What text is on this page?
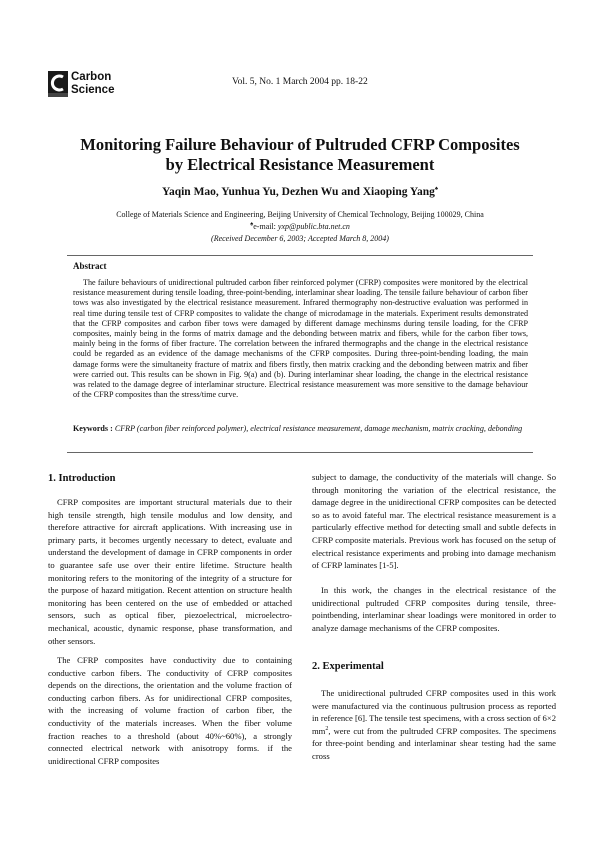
Carbon
Science
Vol. 5, No. 1 March 2004 pp. 18-22
Monitoring Failure Behaviour of Pultruded CFRP Composites
by Electrical Resistance Measurement
Yaqin Mao, Yunhua Yu, Dezhen Wu and Xiaoping Yang♠
College of Materials Science and Engineering, Beijing University of Chemical Technology, Beijing 100029, China
♠e-mail: yxp@public.bta.net.cn
(Received December 6, 2003; Accepted March 8, 2004)
Abstract
The failure behaviours of unidirectional pultruded carbon fiber reinforced polymer (CFRP) composites were monitored by the electrical resistance measurement during tensile loading, three-point-bending, interlaminar shear loading. The tensile failure behaviour of carbon fiber tows was also investigated by the electrical resistance measurement. Infrared thermography non-destructive evaluation was performed in real time during tensile test of CFRP composites to validate the change of microdamage in the materials. Experiment results demonstrated that the CFRP composites and carbon fiber tows were damaged by different damage mechinsms during tensile loading, for the CFRP composites, mainly being in the forms of matrix damage and the debonding between matrix and fibers, while for the carbon fiber tows, mainly being in the forms of fiber fracture. The correlation between the infrared thermographs and the change in the electrical resistance could be regarded as an evidence of the damage mechanisms of the CFRP composites. During three-point-bending loading, the main damage forms were the simultaneity fracture of matrix and fibers firstly, then matrix cracking and the debonding between matrix and fiber were carried out. This results can be shown in Fig. 9(a) and (b). During interlaminar shear loading, the change in the electrical resistance was related to the damage degree of interlaminar structure. Electrical resistance measurement was more sensitive to the damage behaviour of the CFRP composites than the stress/time curve.
Keywords : CFRP (carbon fiber reinforced polymer), electrical resistance measurement, damage mechanism, matrix cracking, debonding
1. Introduction
CFRP composites are important structural materials due to their high tensile strength, high tensile modulus and low density, and therefore attractive for aircraft applications. With increasing use in primary parts, it becomes urgently necessary to detect, evaluate and understand the development of damage in CFRP components in order to guarantee safe use over their entire lifetime. Structure health monitoring refers to the monitoring of the integrity of a structure for the purpose of hazard mitigation. Recent attention on structure health monitoring has been centered on the use of embedded or attached sensors, such as optical fiber, piezoelectrical, microelectro-mechanical, acoustic, dynamic response, phase transformation, and other sensors.
The CFRP composites have conductivity due to containing conductive carbon fibers. The conductivity of CFRP composites depends on the directions, the orientation and the volume fraction of conducting carbon fibers. As for unidirectional CFRP composites, with the increasing of volume fraction of carbon fiber, the conductivity of the materials increases. When the fiber volume fraction reaches to a threshold (about 40%~60%), a strongly connected electrical network with anisotropy forms. if the unidirectional CFRP composites
subject to damage, the conductivity of the materials will change. So through monitoring the variation of the electrical resistance, the damage degree in the unidirectional CFRP composites can be detected so as to avoid fateful mar. The electrical resistance measurement is a particularly effective method for detecting small and subtle defects in CFRP composite materials. Previous work has focused on the setup of electrical resistance experiments and probing into damage mechanism of CFRP laminates [1-5].
In this work, the changes in the electrical resistance of the unidirectional pultruded CFRP composites during tensile, three-pointbending, interlaminar shear loadings were monitored in order to analyze damage mechanisms of the CFRP composites.
2. Experimental
The unidirectional pultruded CFRP composites used in this work were manufactured via the continuous pultrusion process as reported in reference [6]. The tensile test specimens, with a cross section of 6×2 $mm^2$, were cut from the pultruded CFRP composites. The specimens for three-point bending and interlaminar shear testing had the same cross
